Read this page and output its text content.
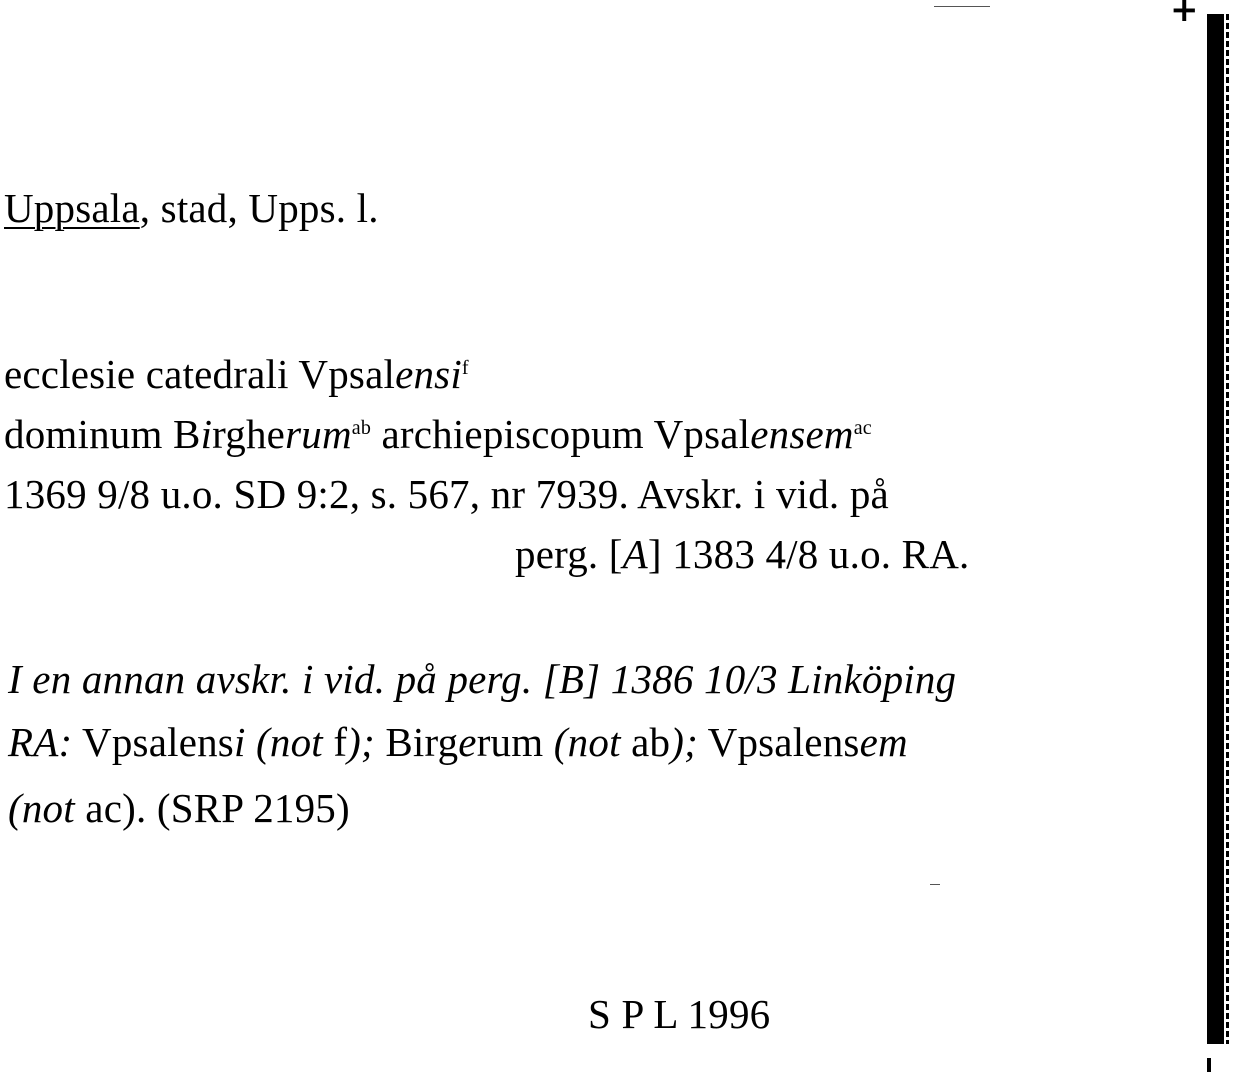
Uppsala, stad, Upps. l.
ecclesie catedrali Vpsalensi$^f$
dominum Birgherum$^{ab}$ archiepiscopum Vpsalensem$^{ac}$
1369 9/8 u.o. SD 9:2, s. 567, nr 7939. Avskr. i vid. på
perg. [A] 1383 4/8 u.o. RA.
I en annan avskr. i vid. på perg. [B] 1386 10/3 Linköping
RA: Vpsalensi (not f); Birgerum (not ab); Vpsalensem
(not ac). (SRP 2195)
S P L 1996
+
